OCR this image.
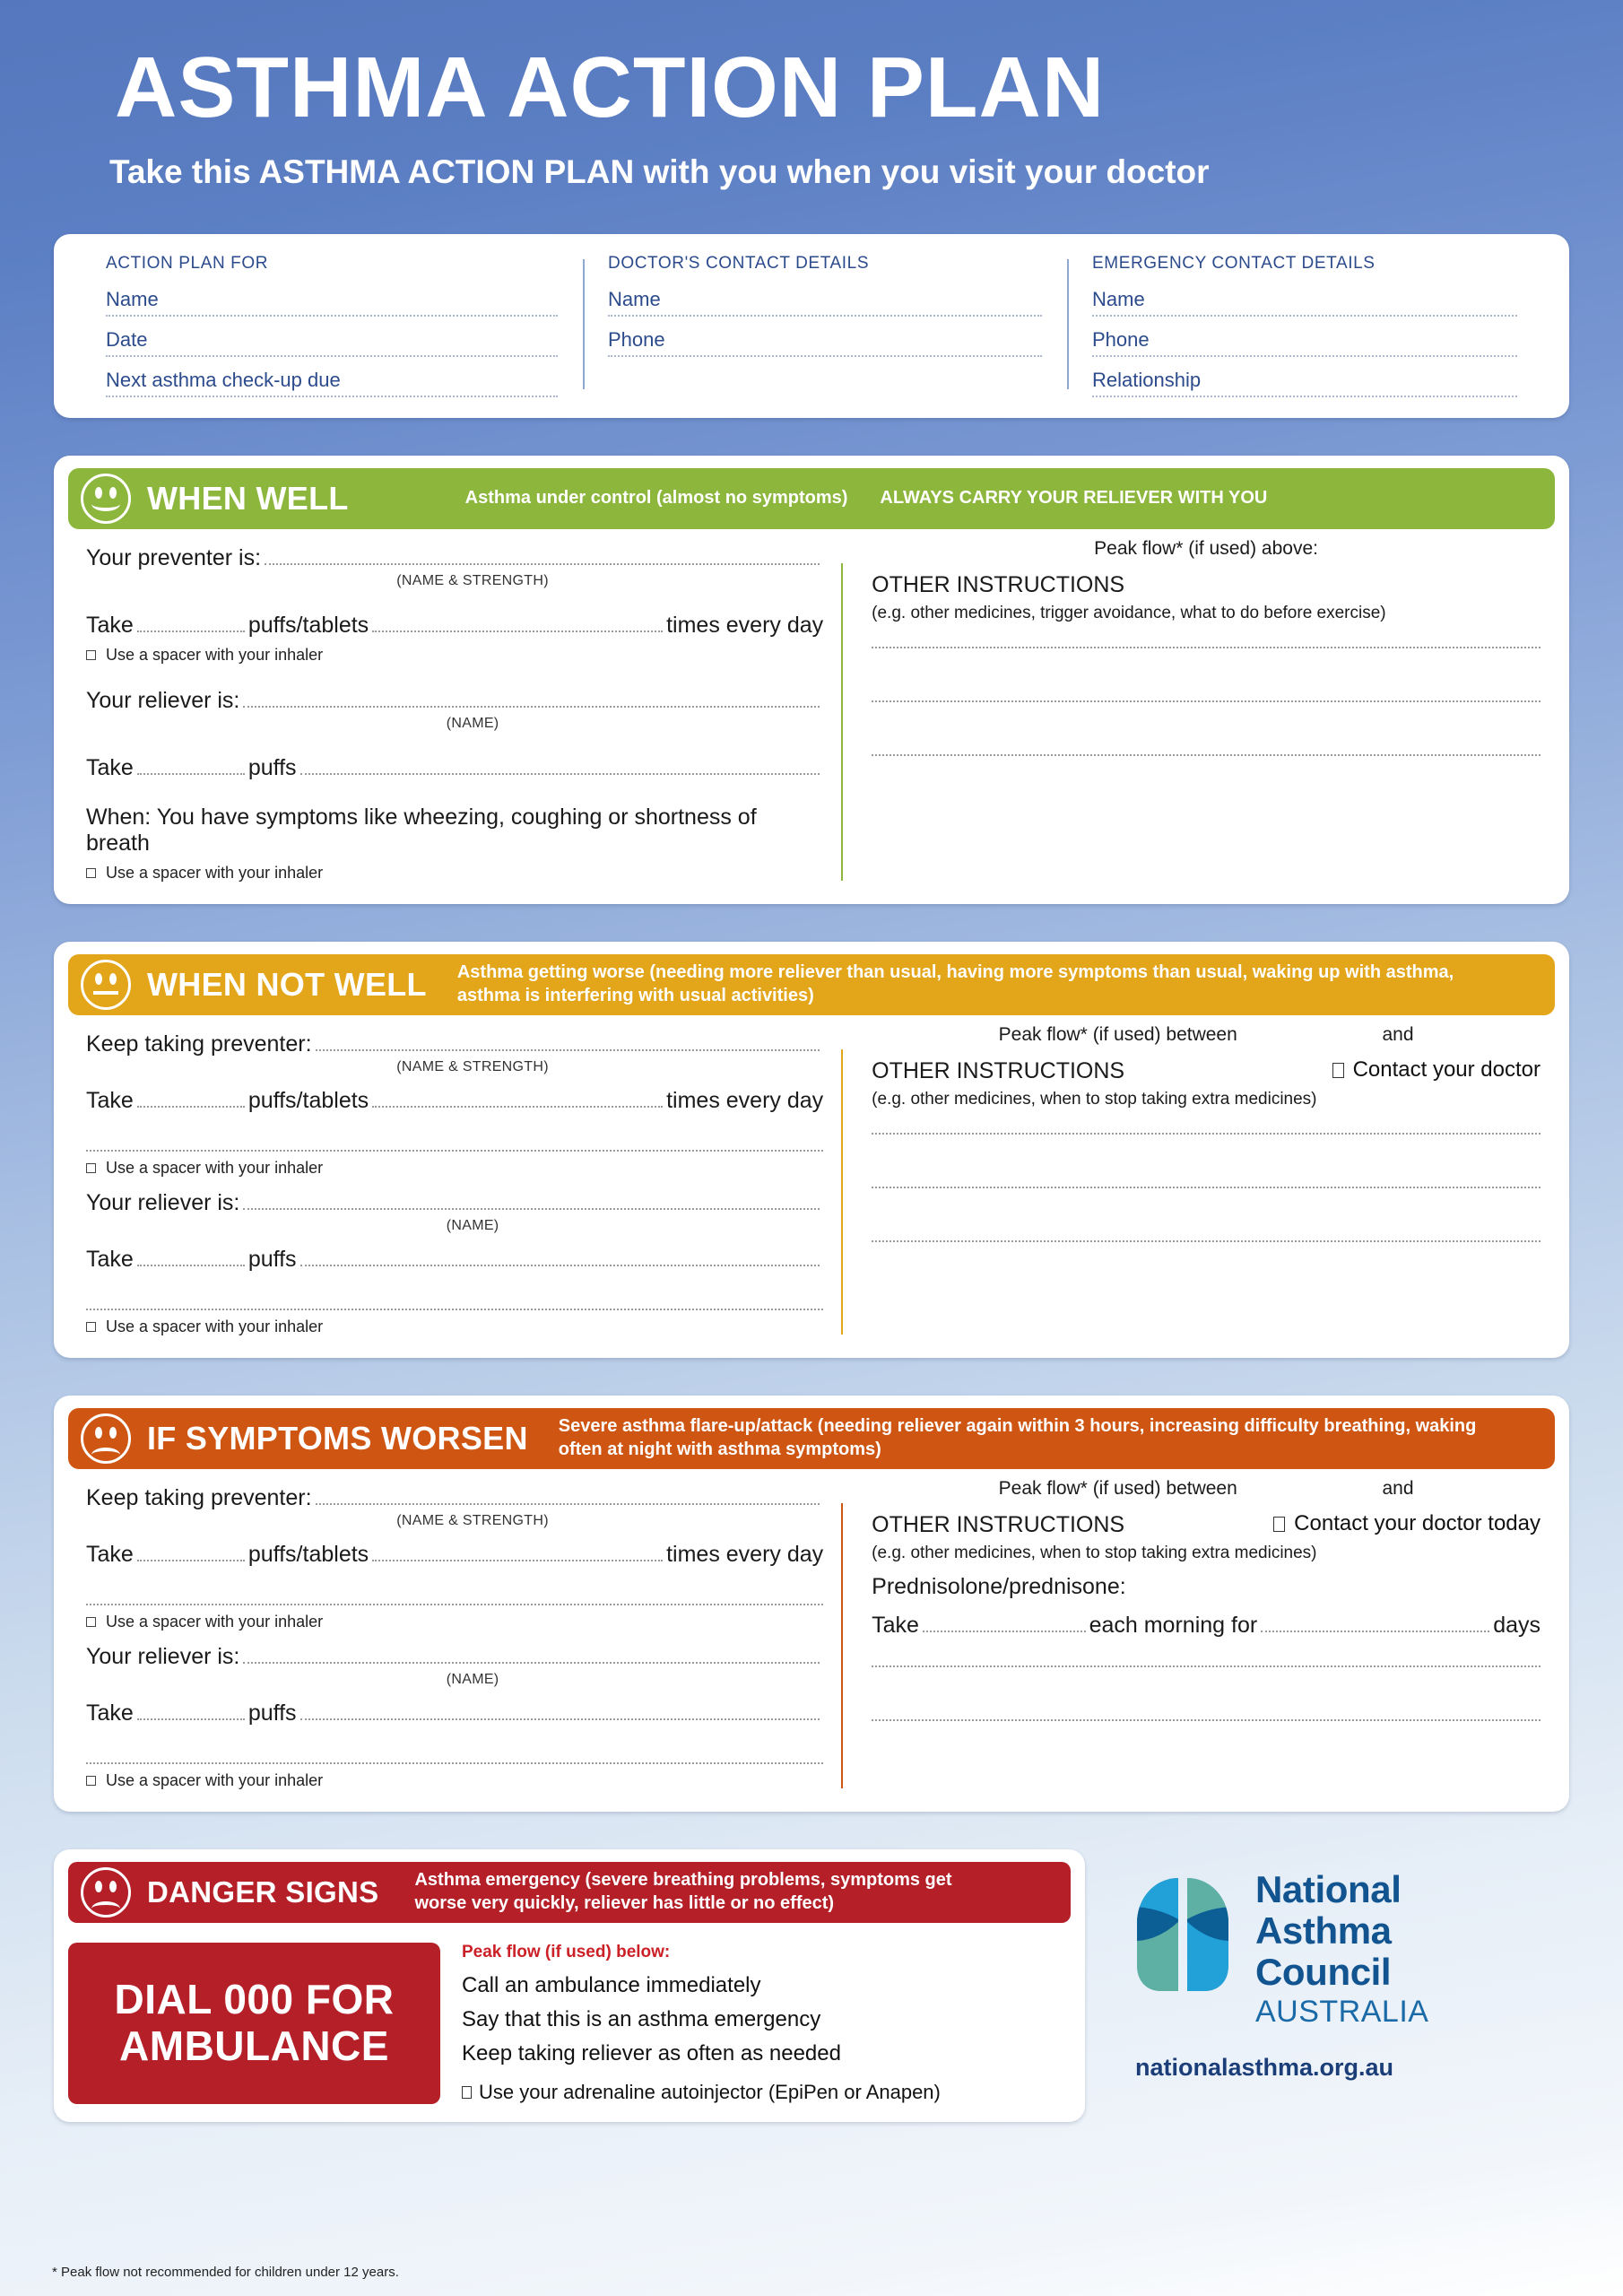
ASTHMA ACTION PLAN
Take this ASTHMA ACTION PLAN with you when you visit your doctor
ACTION PLAN FOR
Name
Date
Next asthma check-up due
DOCTOR'S CONTACT DETAILS
Name
Phone
EMERGENCY CONTACT DETAILS
Name
Phone
Relationship
WHEN WELL	Asthma under control (almost no symptoms) ALWAYS CARRY YOUR RELIEVER WITH YOU
Your preventer is:
(NAME & STRENGTH)
Take	puffs/tablets	times every day
Use a spacer with your inhaler
Your reliever is:
(NAME)
Take	puffs
When: You have symptoms like wheezing, coughing or shortness of breath
Use a spacer with your inhaler
Peak flow* (if used) above:
OTHER INSTRUCTIONS
(e.g. other medicines, trigger avoidance, what to do before exercise)
WHEN NOT WELL Asthma getting worse (needing more reliever than usual, having more symptoms than usual, waking up with asthma, asthma is interfering with usual activities)
Keep taking preventer:
(NAME & STRENGTH)
Take	puffs/tablets	times every day
Use a spacer with your inhaler
Your reliever is:
(NAME)
Take	puffs
Use a spacer with your inhaler
Peak flow* (if used) between	and
OTHER INSTRUCTIONS	Contact your doctor
(e.g. other medicines, when to stop taking extra medicines)
IF SYMPTOMS WORSEN Severe asthma flare-up/attack (needing reliever again within 3 hours, increasing difficulty breathing, waking often at night with asthma symptoms)
Keep taking preventer:
(NAME & STRENGTH)
Take	puffs/tablets	times every day
Use a spacer with your inhaler
Your reliever is:
(NAME)
Take	puffs
Use a spacer with your inhaler
Peak flow* (if used) between	and
OTHER INSTRUCTIONS	Contact your doctor today
(e.g. other medicines, when to stop taking extra medicines)
Prednisolone/prednisone:
Take	each morning for	days
DANGER SIGNS Asthma emergency (severe breathing problems, symptoms get worse very quickly, reliever has little or no effect)
DIAL 000 FOR
AMBULANCE
Peak flow (if used) below:
Call an ambulance immediately
Say that this is an asthma emergency
Keep taking reliever as often as needed
Use your adrenaline autoinjector (EpiPen or Anapen)
National
Asthma
Council
AUSTRALIA
nationalasthma.org.au
* Peak flow not recommended for children under 12 years.
